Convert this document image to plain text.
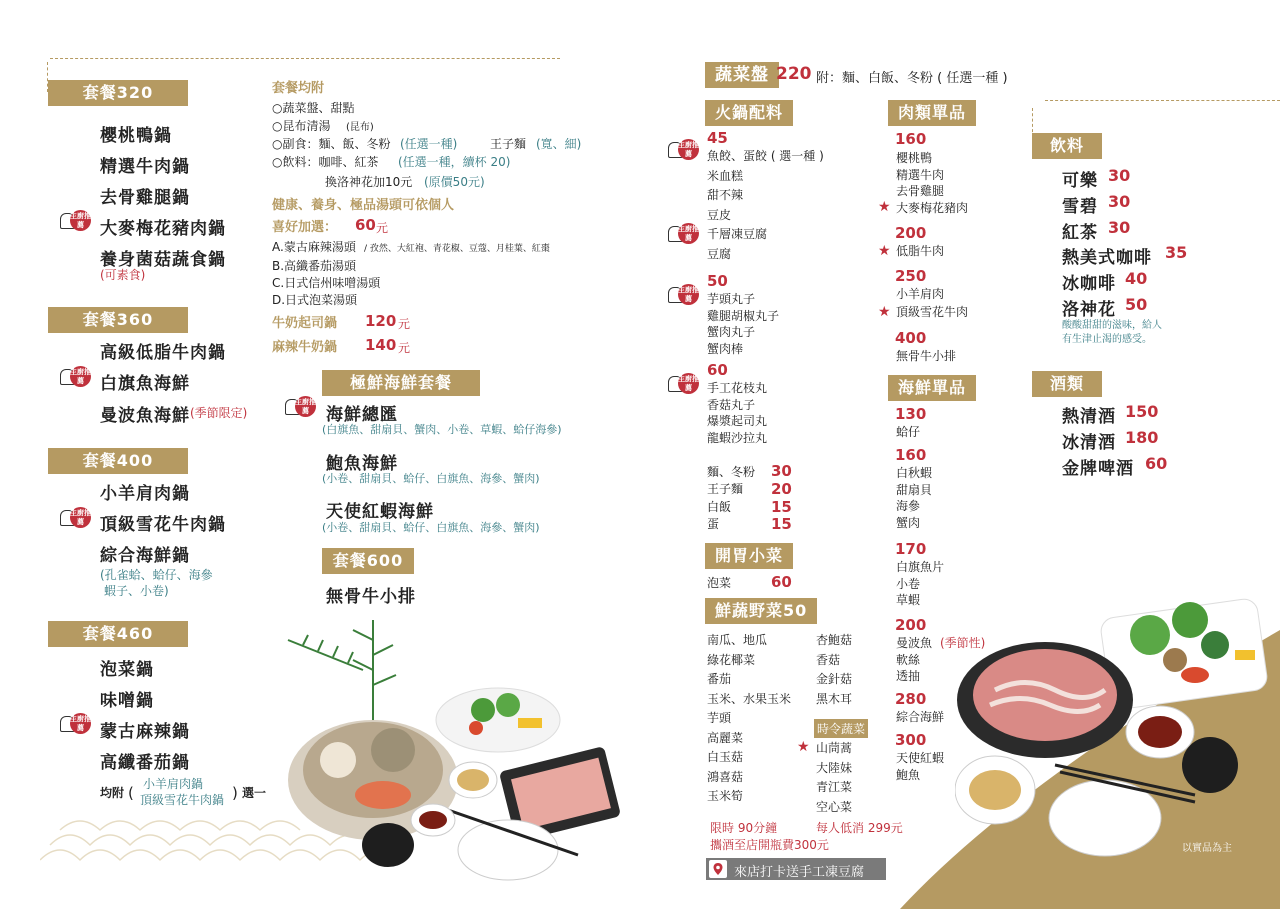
套餐320
櫻桃鴨鍋
精選牛肉鍋
去骨雞腿鍋
主廚推薦 大麥梅花豬肉鍋
養身菌菇蔬食鍋
(可素食)
套餐360
高級低脂牛肉鍋
主廚推薦 白旗魚海鮮
曼波魚海鮮 (季節限定)
套餐400
小羊肩肉鍋
主廚推薦 頂級雪花牛肉鍋
綜合海鮮鍋
(孔雀蛤、蛤仔、海參
蝦子、小卷)
套餐460
泡菜鍋
味噌鍋
主廚推薦 蒙古麻辣鍋
高纖番茄鍋
均附 ( 小羊肩肉鍋
頂級雪花牛肉鍋 ) 選一
套餐均附
○蔬菜盤、甜點
○昆布清湯 (昆布)
○副食：麵、飯、冬粉 (任選一種)	王子麵 (寬、細)
○飲料：咖啡、紅茶 (任選一種，續杯 20)
換洛神花加10元 (原價50元)
健康、養身、極品湯頭可依個人
喜好加選： 60 元
A.蒙古麻辣湯頭 / 孜然、大紅袍、青花椒、豆蔻、月桂葉、紅棗
B.高纖番茄湯頭
C.日式信州味噌湯頭
D.日式泡菜湯頭
牛奶起司鍋 120 元
麻辣牛奶鍋 140 元
極鮮海鮮套餐 700
主廚推薦	海鮮總匯
(白旗魚、甜扇貝、蟹肉、小卷、草蝦、蛤仔海參)
鮑魚海鮮
(小卷、甜扇貝、蛤仔、白旗魚、海參、蟹肉)
天使紅蝦海鮮
(小卷、甜扇貝、蛤仔、白旗魚、海參、蟹肉)
套餐600
無骨牛小排
蔬菜盤 220 附：麵、白飯、冬粉 ( 任選一種 )
火鍋配料
45
主廚推薦	魚餃、蛋餃 ( 選一種 )
米血糕
甜不辣
豆皮
千層凍豆腐
豆腐
主廚推薦
50
主廚推薦	芋頭丸子
雞腿胡椒丸子
蟹肉丸子
蟹肉棒
60
主廚推薦	手工花枝丸
香菇丸子
爆漿起司丸
龍蝦沙拉丸
麵、冬粉 30
王子麵 20
白飯	15
蛋	15
開胃小菜
泡菜	60
鮮蔬野菜50
南瓜、地瓜
綠花椰菜
番茄
玉米、水果玉米
芋頭
高麗菜
白玉菇
鴻喜菇
玉米筍
杏鮑菇
香菇
金針菇
黑木耳
時令蔬菜
★ 山茼蒿
大陸妹
青江菜
空心菜
限時 90分鐘	每人低消 299元
攜酒至店開瓶費300元
來店打卡送手工凍豆腐
肉類單品
160
櫻桃鴨
精選牛肉
去骨雞腿
大麥梅花豬肉
★
200
★ 低脂牛肉
250
小羊肩肉
★ 頂級雪花牛肉
400
無骨牛小排
海鮮單品
130
蛤仔
160
白秋蝦
甜扇貝
海參
蟹肉
170
白旗魚片
小卷
草蝦
200
曼波魚
軟絲
透抽
(季節性)
280
綜合海鮮
300
天使紅蝦
鮑魚
飲料
可樂 30
雪碧 30
紅茶 30
熱美式咖啡 35
冰咖啡 40
洛神花 50
酸酸甜甜的滋味，給人
有生津止渴的感受。
酒類
熱清酒 150
冰清酒 180
金牌啤酒 60
以實品為主
